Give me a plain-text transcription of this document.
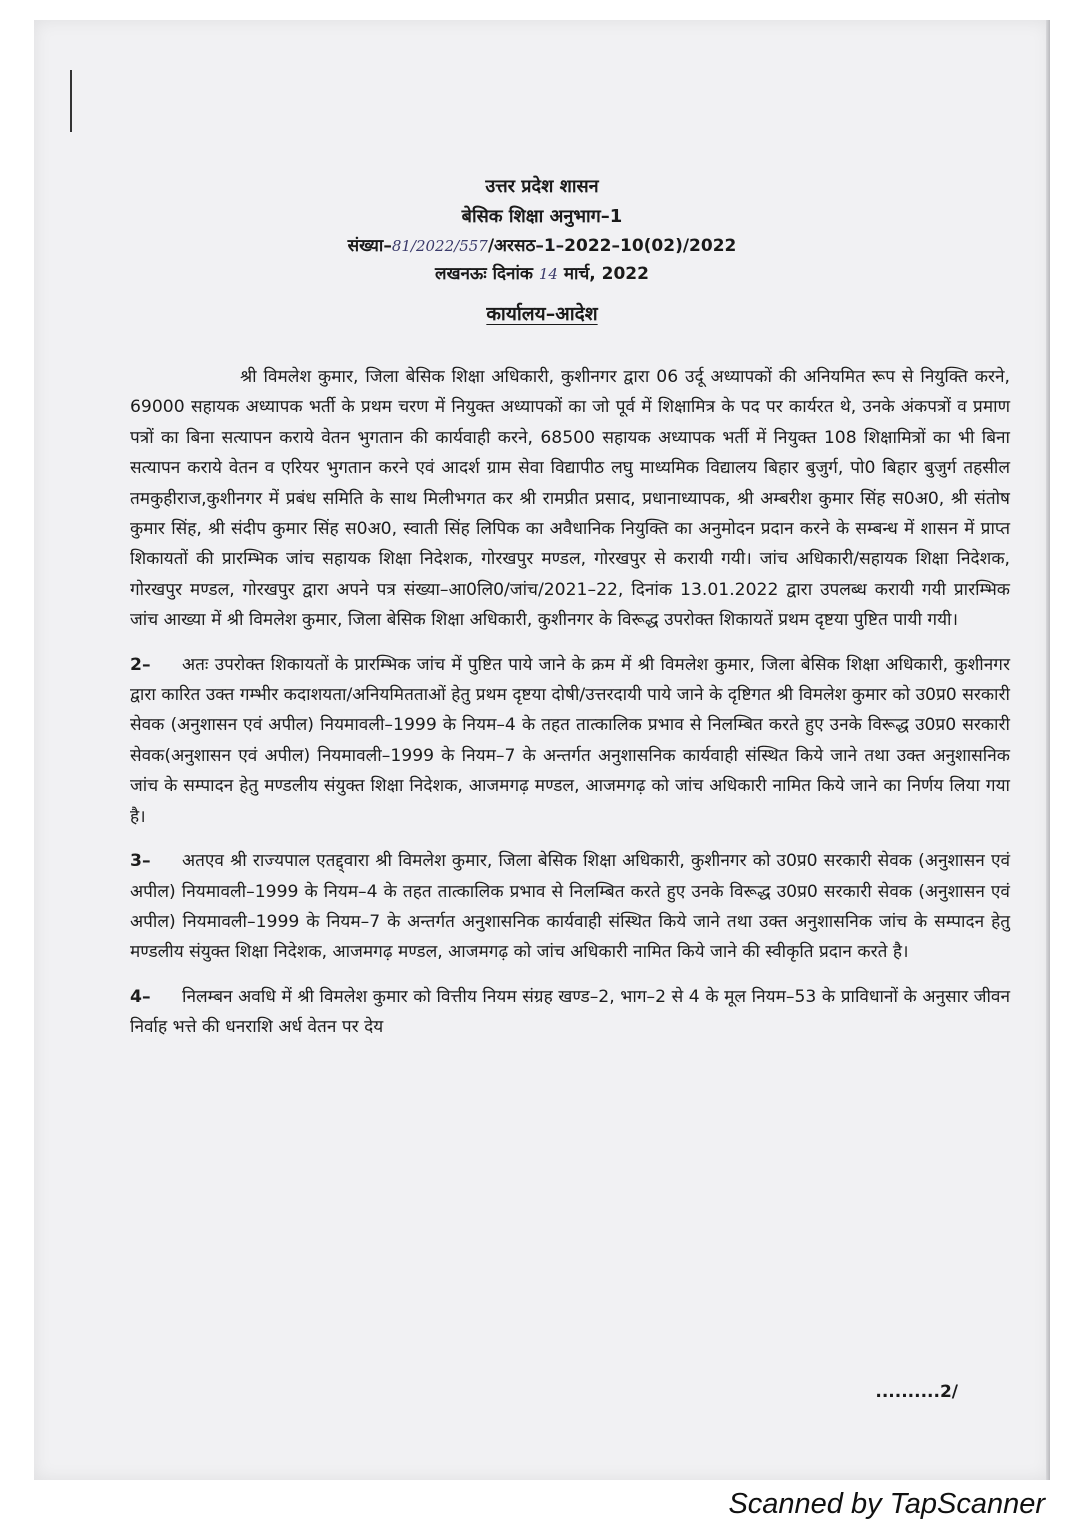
उत्तर प्रदेश शासन
बेसिक शिक्षा अनुभाग–1
संख्या–81/2022/557/अरसठ–1–2022–10(02)/2022
लखनऊः दिनांक 14 मार्च, 2022
कार्यालय–आदेश

श्री विमलेश कुमार, जिला बेसिक शिक्षा अधिकारी, कुशीनगर द्वारा 06 उर्दू अध्यापकों की अनियमित रूप से नियुक्ति करने, 69000 सहायक अध्यापक भर्ती के प्रथम चरण में नियुक्त अध्यापकों का जो पूर्व में शिक्षामित्र के पद पर कार्यरत थे, उनके अंकपत्रों व प्रमाण पत्रों का बिना सत्यापन कराये वेतन भुगतान की कार्यवाही करने, 68500 सहायक अध्यापक भर्ती में नियुक्त 108 शिक्षामित्रों का भी बिना सत्यापन कराये वेतन व एरियर भुगतान करने एवं आदर्श ग्राम सेवा विद्यापीठ लघु माध्यमिक विद्यालय बिहार बुजुर्ग, पो0 बिहार बुजुर्ग तहसील तमकुहीराज,कुशीनगर में प्रबंध समिति के साथ मिलीभगत कर श्री रामप्रीत प्रसाद, प्रधानाध्यापक, श्री अम्बरीश कुमार सिंह स0अ0, श्री संतोष कुमार सिंह, श्री संदीप कुमार सिंह स0अ0, स्वाती सिंह लिपिक का अवैधानिक नियुक्ति का अनुमोदन प्रदान करने के सम्बन्ध में शासन में प्राप्त शिकायतों की प्रारम्भिक जांच सहायक शिक्षा निदेशक, गोरखपुर मण्डल, गोरखपुर से करायी गयी। जांच अधिकारी/सहायक शिक्षा निदेशक, गोरखपुर मण्डल, गोरखपुर द्वारा अपने पत्र संख्या–आ0लि0/जांच/2021–22, दिनांक 13.01.2022 द्वारा उपलब्ध करायी गयी प्रारम्भिक जांच आख्या में श्री विमलेश कुमार, जिला बेसिक शिक्षा अधिकारी, कुशीनगर के विरूद्ध उपरोक्त शिकायतें प्रथम दृष्टया पुष्टित पायी गयी।

2– अतः उपरोक्त शिकायतों के प्रारम्भिक जांच में पुष्टित पाये जाने के क्रम में श्री विमलेश कुमार, जिला बेसिक शिक्षा अधिकारी, कुशीनगर द्वारा कारित उक्त गम्भीर कदाशयता/अनियमितताओं हेतु प्रथम दृष्टया दोषी/उत्तरदायी पाये जाने के दृष्टिगत श्री विमलेश कुमार को उ0प्र0 सरकारी सेवक (अनुशासन एवं अपील) नियमावली–1999 के नियम–4 के तहत तात्कालिक प्रभाव से निलम्बित करते हुए उनके विरूद्ध उ0प्र0 सरकारी सेवक(अनुशासन एवं अपील) नियमावली–1999 के नियम–7 के अन्तर्गत अनुशासनिक कार्यवाही संस्थित किये जाने तथा उक्त अनुशासनिक जांच के सम्पादन हेतु मण्डलीय संयुक्त शिक्षा निदेशक, आजमगढ़ मण्डल, आजमगढ़ को जांच अधिकारी नामित किये जाने का निर्णय लिया गया है।

3– अतएव श्री राज्यपाल एतद्द्वारा श्री विमलेश कुमार, जिला बेसिक शिक्षा अधिकारी, कुशीनगर को उ0प्र0 सरकारी सेवक (अनुशासन एवं अपील) नियमावली–1999 के नियम–4 के तहत तात्कालिक प्रभाव से निलम्बित करते हुए उनके विरूद्ध उ0प्र0 सरकारी सेवक (अनुशासन एवं अपील) नियमावली–1999 के नियम–7 के अन्तर्गत अनुशासनिक कार्यवाही संस्थित किये जाने तथा उक्त अनुशासनिक जांच के सम्पादन हेतु मण्डलीय संयुक्त शिक्षा निदेशक, आजमगढ़ मण्डल, आजमगढ़ को जांच अधिकारी नामित किये जाने की स्वीकृति प्रदान करते है।

4– निलम्बन अवधि में श्री विमलेश कुमार को वित्तीय नियम संग्रह खण्ड–2, भाग–2 से 4 के मूल नियम–53 के प्राविधानों के अनुसार जीवन निर्वाह भत्ते की धनराशि अर्ध वेतन पर देय

..........2/
Scanned by TapScanner
